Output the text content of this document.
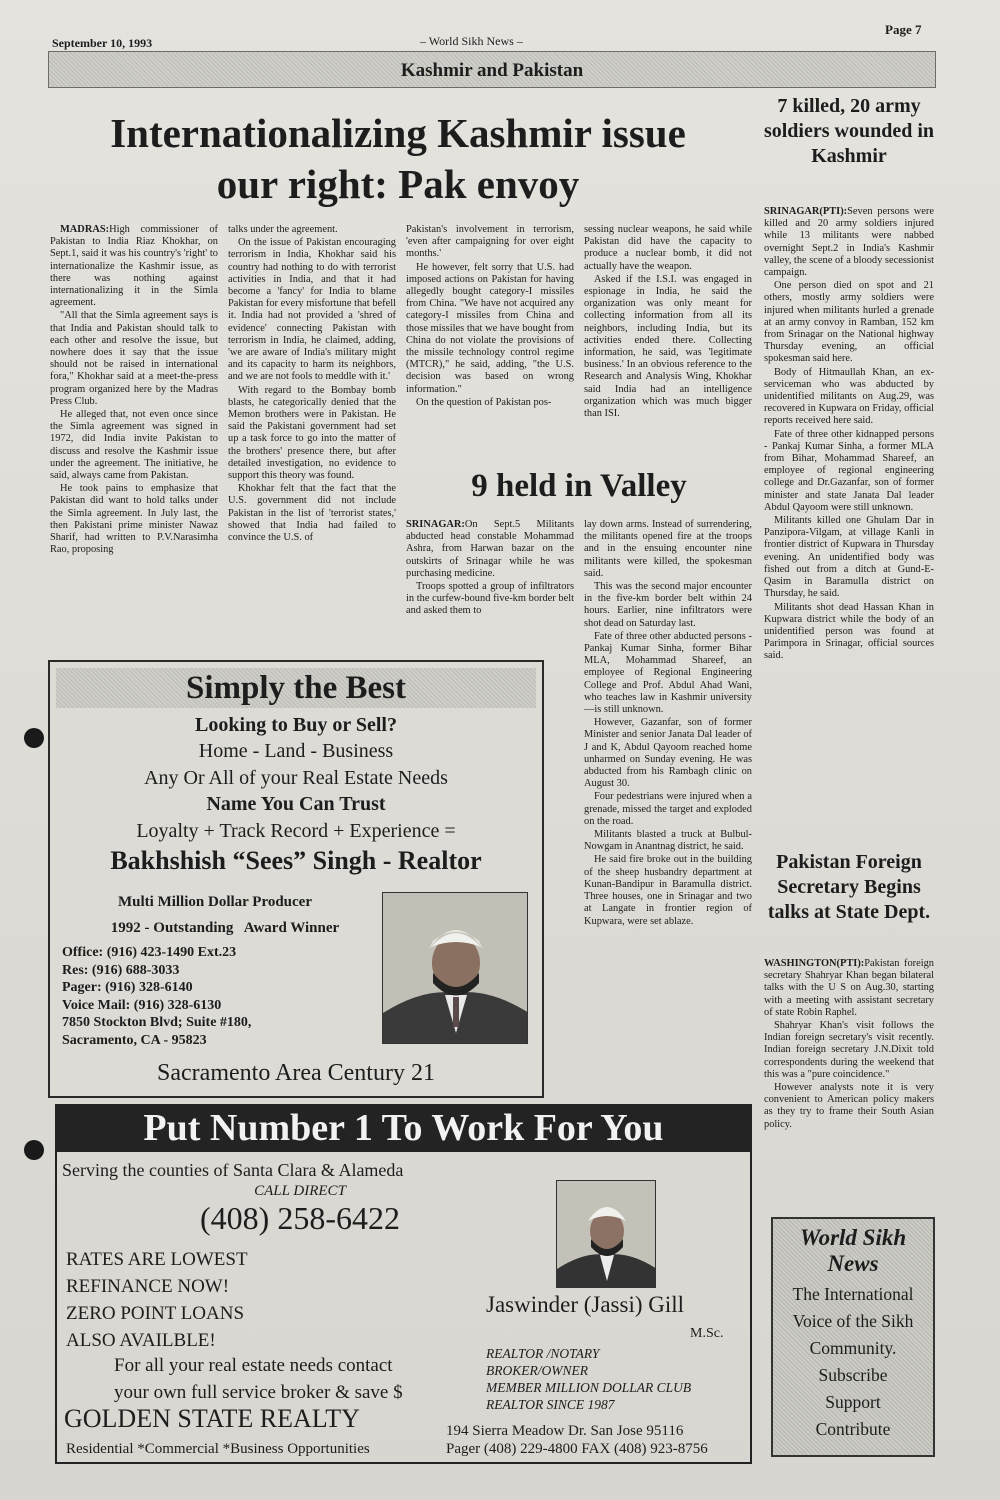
September 10, 1993	– World Sikh News –
Page 7
Kashmir and Pakistan
Internationalizing Kashmir issue
our right: Pak envoy

MADRAS:High commissioner of Pakistan to India Riaz Khokhar, on Sept.1, said it was his country's 'right' to internationalize the Kashmir issue, as there was nothing against internationalizing it in the Simla agreement.

"All that the Simla agreement says is that India and Pakistan should talk to each other and resolve the issue, but nowhere does it say that the issue should not be raised in international fora," Khokhar said at a meet-the-press program organized here by the Madras Press Club.

He alleged that, not even once since the Simla agreement was signed in 1972, did India invite Pakistan to discuss and resolve the Kashmir issue under the agreement. The initiative, he said, always came from Pakistan.

He took pains to emphasize that Pakistan did want to hold talks under the Simla agreement. In July last, the then Pakistani prime minister Nawaz Sharif, had written to P.V.Narasimha Rao, proposing

talks under the agreement.

On the issue of Pakistan encouraging terrorism in India, Khokhar said his country had nothing to do with terrorist activities in India, and that it had become a 'fancy' for India to blame Pakistan for every misfortune that befell it. India had not provided a 'shred of evidence' connecting Pakistan with terrorism in India, he claimed, adding, 'we are aware of India's military might and its capacity to harm its neighbors, and we are not fools to meddle with it.'

With regard to the Bombay bomb blasts, he categorically denied that the Memon brothers were in Pakistan. He said the Pakistani government had set up a task force to go into the matter of the brothers' presence there, but after detailed investigation, no evidence to support this theory was found.

Khokhar felt that the fact that the U.S. government did not include Pakistan in the list of 'terrorist states,' showed that India had failed to convince the U.S. of

Pakistan's involvement in terrorism, 'even after campaigning for over eight months.'

He however, felt sorry that U.S. had imposed actions on Pakistan for having allegedly bought category-I missiles from China. "We have not acquired any category-I missiles from China and those missiles that we have bought from China do not violate the provisions of the missile technology control regime (MTCR)," he said, adding, "the U.S. decision was based on wrong information."

On the question of Pakistan pos-

sessing nuclear weapons, he said while Pakistan did have the capacity to produce a nuclear bomb, it did not actually have the weapon.

Asked if the I.S.I. was engaged in espionage in India, he said the organization was only meant for collecting information from all its neighbors, including India, but its activities ended there. Collecting information, he said, was 'legitimate business.' In an obvious reference to the Research and Analysis Wing, Khokhar said India had an intelligence organization which was much bigger than ISI.

9 held in Valley

SRINAGAR:On Sept.5 Militants abducted head constable Mohammad Ashra, from Harwan bazar on the outskirts of Srinagar while he was purchasing medicine.

Troops spotted a group of infiltrators in the curfew-bound five-km border belt and asked them to

lay down arms. Instead of surrendering, the militants opened fire at the troops and in the ensuing encounter nine militants were killed, the spokesman said.

This was the second major encounter in the five-km border belt within 24 hours. Earlier, nine infiltrators were shot dead on Saturday last.

Fate of three other abducted persons - Pankaj Kumar Sinha, former Bihar MLA, Mohammad Shareef, an employee of Regional Engineering College and Prof. Abdul Ahad Wani, who teaches law in Kashmir university—is still unknown.

However, Gazanfar, son of former Minister and senior Janata Dal leader of J and K, Abdul Qayoom reached home unharmed on Sunday evening. He was abducted from his Rambagh clinic on August 30.

Four pedestrians were injured when a grenade, missed the target and exploded on the road.

Militants blasted a truck at Bulbul-Nowgam in Anantnag district, he said.

He said fire broke out in the building of the sheep husbandry department at Kunan-Bandipur in Baramulla district. Three houses, one in Srinagar and two at Langate in frontier region of Kupwara, were set ablaze.

7 killed, 20 army soldiers wounded in Kashmir

SRINAGAR(PTI):Seven persons were killed and 20 army soldiers injured while 13 militants were nabbed overnight Sept.2 in India's Kashmir valley, the scene of a bloody secessionist campaign.

One person died on spot and 21 others, mostly army soldiers were injured when militants hurled a grenade at an army convoy in Ramban, 152 km from Srinagar on the National highway Thursday evening, an official spokesman said here.

Body of Hitmaullah Khan, an ex-serviceman who was abducted by unidentified militants on Aug.29, was recovered in Kupwara on Friday, official reports received here said.

Fate of three other kidnapped persons - Pankaj Kumar Sinha, a former MLA from Bihar, Mohammad Shareef, an employee of regional engineering college and Dr.Gazanfar, son of former minister and state Janata Dal leader Abdul Qayoom were still unknown.

Militants killed one Ghulam Dar in Panzipora-Vilgam, at village Kanli in frontier district of Kupwara in Thursday evening. An unidentified body was fished out from a ditch at Gund-E-Qasim in Baramulla district on Thursday, he said.

Militants shot dead Hassan Khan in Kupwara district while the body of an unidentified person was found at Parimpora in Srinagar, official sources said.

Pakistan Foreign Secretary Begins talks at State Dept.

WASHINGTON(PTI):Pakistan foreign secretary Shahryar Khan began bilateral talks with the U S on Aug.30, starting with a meeting with assistant secretary of state Robin Raphel.

Shahryar Khan's visit follows the Indian foreign secretary's visit recently. Indian foreign secretary J.N.Dixit told correspondents during the weekend that this was a "pure coincidence."

However analysts note it is very convenient to American policy makers as they try to frame their South Asian policy.

Simply the Best
Looking to Buy or Sell?
Home - Land - Business
Any Or All of your Real Estate Needs
Name You Can Trust
Loyalty + Track Record + Experience =
Bakhshish “Sees” Singh - Realtor
Multi Million Dollar Producer
1992 - Outstanding   Award Winner
Office: (916) 423-1490 Ext.23
Res: (916) 688-3033
Pager: (916) 328-6140
Voice Mail: (916) 328-6130
7850 Stockton Blvd; Suite #180,
Sacramento, CA - 95823
Sacramento Area Century 21
Put Number 1 To Work For You
Serving the counties of Santa Clara & Alameda
CALL DIRECT
(408) 258-6422
RATES ARE LOWEST
REFINANCE NOW!
ZERO POINT LOANS
ALSO AVAILBLE!
Jaswinder (Jassi) Gill
M.Sc.
For all your real estate needs contact
your own full service broker & save $
REALTOR /NOTARY
BROKER/OWNER
MEMBER MILLION DOLLAR CLUB
REALTOR SINCE 1987
GOLDEN STATE REALTY	194 Sierra Meadow Dr. San Jose 95116
Residential *Commercial *Business Opportunities	Pager (408) 229-4800 FAX (408) 923-8756
World Sikh
News
The International
Voice of the Sikh
Community.
Subscribe
Support
Contribute
